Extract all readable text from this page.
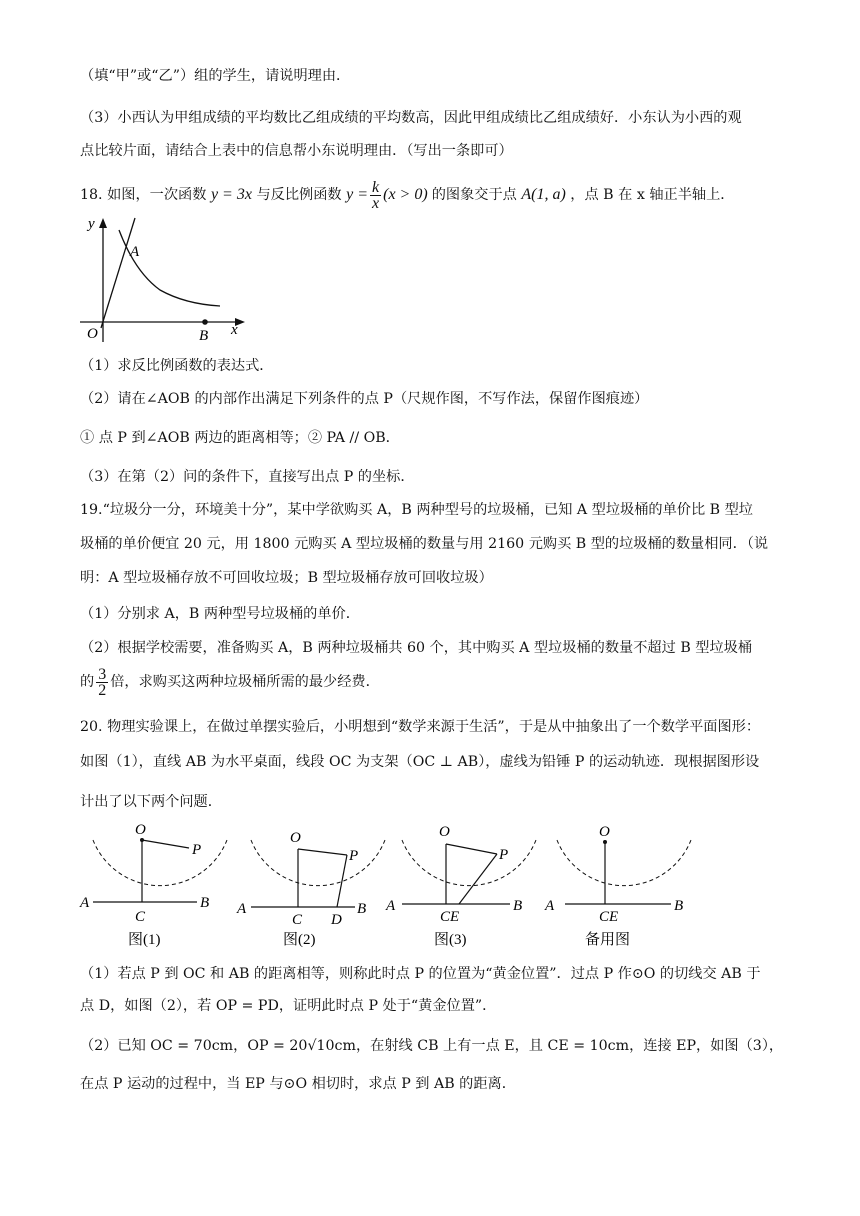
（填“甲”或“乙”）组的学生，请说明理由．
（3）小西认为甲组成绩的平均数比乙组成绩的平均数高，因此甲组成绩比乙组成绩好．小东认为小西的观
点比较片面，请结合上表中的信息帮小东说明理由．（写出一条即可）
18. 如图，一次函数 y = 3x 与反比例函数 $y = \frac{k}{x} (x > 0)$ 的图象交于点 A(1, a) ，点 B 在 x 轴正半轴上．
y
A
O	B x
（1）求反比例函数的表达式．
（2）请在∠AOB 的内部作出满足下列条件的点 P（尺规作图，不写作法，保留作图痕迹）
① 点 P 到∠AOB 两边的距离相等；② PA // OB．
（3）在第（2）问的条件下，直接写出点 P 的坐标．
19.“垃圾分一分，环境美十分”，某中学欲购买 A，B 两种型号的垃圾桶，已知 A 型垃圾桶的单价比 B 型垃
圾桶的单价便宜 20 元，用 1800 元购买 A 型垃圾桶的数量与用 2160 元购买 B 型的垃圾桶的数量相同．（说
明：A 型垃圾桶存放不可回收垃圾；B 型垃圾桶存放可回收垃圾）
（1）分别求 A，B 两种型号垃圾桶的单价．
（2）根据学校需要，准备购买 A，B 两种垃圾桶共 60 个，其中购买 A 型垃圾桶的数量不超过 B 型垃圾桶
的 $\frac{3}{2}$ 倍，求购买这两种垃圾桶所需的最少经费．
20. 物理实验课上，在做过单摆实验后，小明想到“数学来源于生活”，于是从中抽象出了一个数学平面图形：
如图（1），直线 AB 为水平桌面，线段 OC 为支架（OC ⊥ AB），虚线为铅锤 P 的运动轨迹．现根据图形设
计出了以下两个问题．
O
P
A	B
C
图(1)
O
P
A	B
C D
图(2)
O
P
A	B
CE
图(3)
O
A	B
CE
备用图
（1）若点 P 到 OC 和 AB 的距离相等，则称此时点 P 的位置为“黄金位置”．过点 P 作⊙O 的切线交 AB 于
点 D，如图（2），若 OP = PD，证明此时点 P 处于“黄金位置”．
（2）已知 OC = 70cm，OP = 20√10cm，在射线 CB 上有一点 E，且 CE = 10cm，连接 EP，如图（3），
在点 P 运动的过程中，当 EP 与⊙O 相切时，求点 P 到 AB 的距离．
